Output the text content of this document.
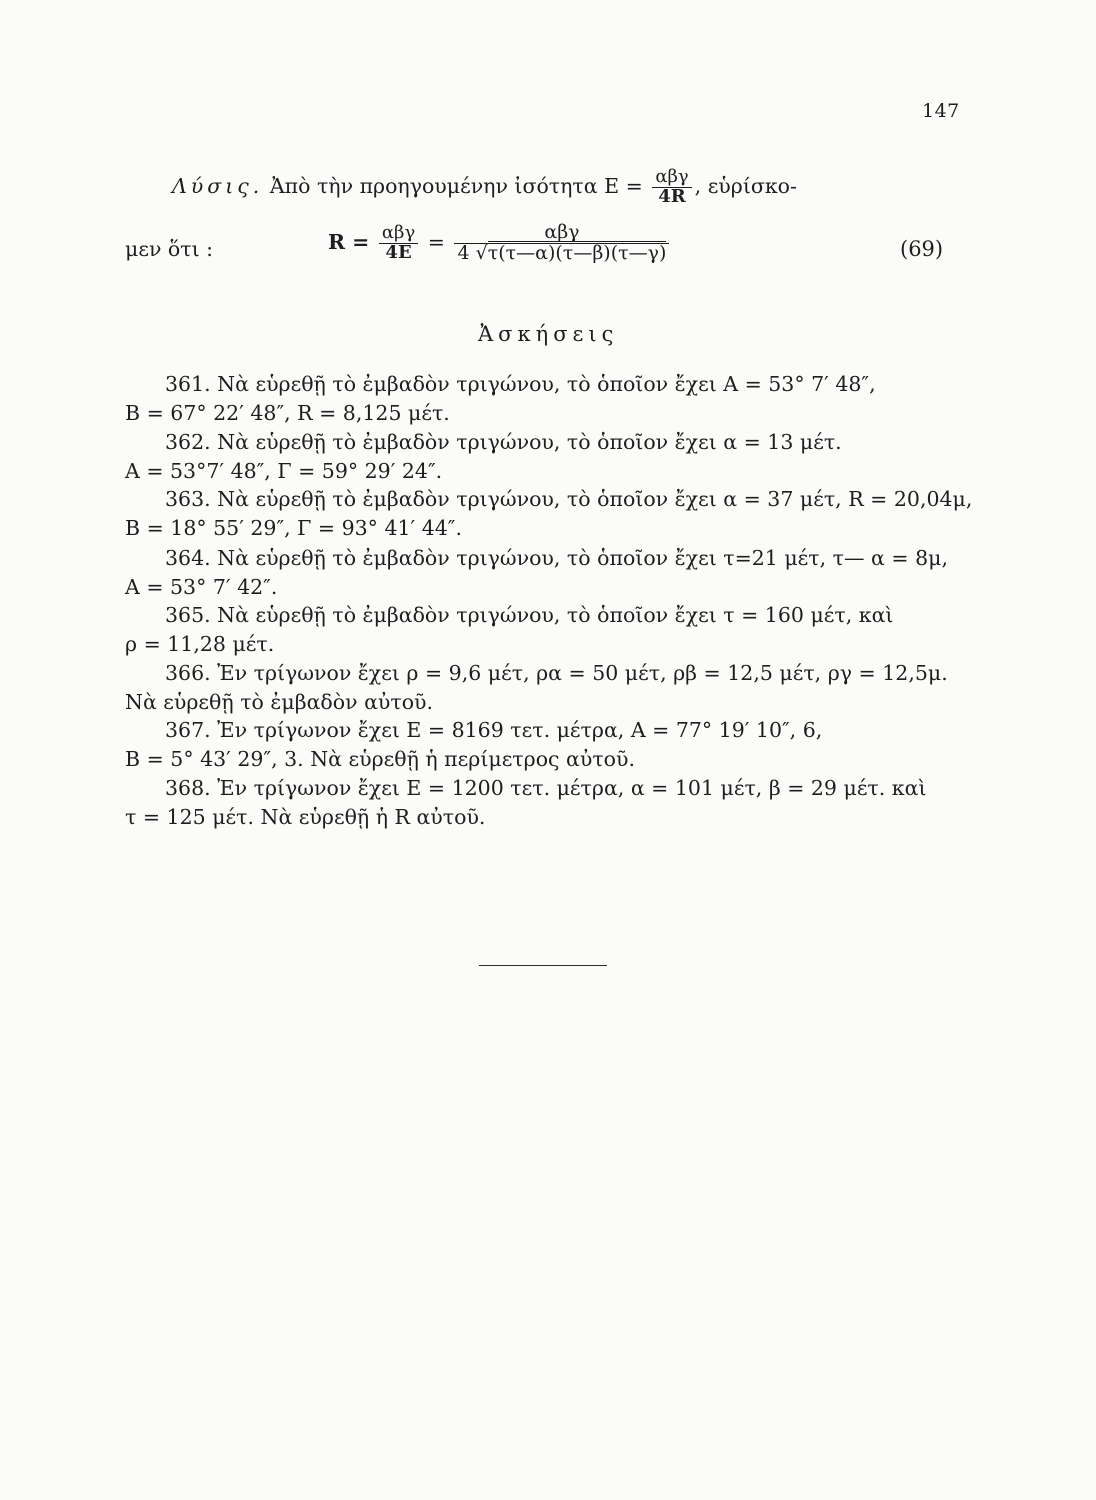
147
Λύσις. Ἀπὸ τὴν προηγουμένην ἰσότητα $E = \frac{\text{αβγ}}{4R}$ , εὑρίσκο-
μεν ὅτι :	$R = \frac{\text{αβγ}}{4E} = \frac{\text{αβγ}}{4 √\tau(\tau—\alpha)(\tau—\beta)(\tau—\gamma)}$	(69)
Ἀσκήσεις
361. Νὰ εὑρεθῇ τὸ ἐμβαδὸν τριγώνου, τὸ ὁποῖον ἔχει Α = 53° 7′ 48″,
Β = 67° 22′ 48″, R = 8,125 μέτ.
362. Νὰ εὑρεθῇ τὸ ἐμβαδὸν τριγώνου, τὸ ὁποῖον ἔχει α = 13 μέτ.
Α = 53°7′ 48″, Γ = 59° 29′ 24″.
363. Νὰ εὑρεθῇ τὸ ἐμβαδὸν τριγώνου, τὸ ὁποῖον ἔχει α = 37 μέτ, R = 20,04μ,
Β = 18° 55′ 29″, Γ = 93° 41′ 44″.
364. Νὰ εὑρεθῇ τὸ ἐμβαδὸν τριγώνου, τὸ ὁποῖον ἔχει τ=21 μέτ, τ— α = 8μ,
Α = 53° 7′ 42″.
365. Νὰ εὑρεθῇ τὸ ἐμβαδὸν τριγώνου, τὸ ὁποῖον ἔχει τ = 160 μέτ, καὶ
ρ = 11,28 μέτ.
366. Ἐν τρίγωνον ἔχει ρ = 9,6 μέτ, ρα = 50 μέτ, ρβ = 12,5 μέτ, ργ = 12,5μ.
Νὰ εὑρεθῇ τὸ ἐμβαδὸν αὐτοῦ.
367. Ἐν τρίγωνον ἔχει Ε = 8169 τετ. μέτρα, Α = 77° 19′ 10″, 6,
Β = 5° 43′ 29″, 3. Νὰ εὑρεθῇ ἡ περίμετρος αὐτοῦ.
368. Ἐν τρίγωνον ἔχει Ε = 1200 τετ. μέτρα, α = 101 μέτ, β = 29 μέτ. καὶ
τ = 125 μέτ. Νὰ εὑρεθῇ ἡ R αὐτοῦ.
